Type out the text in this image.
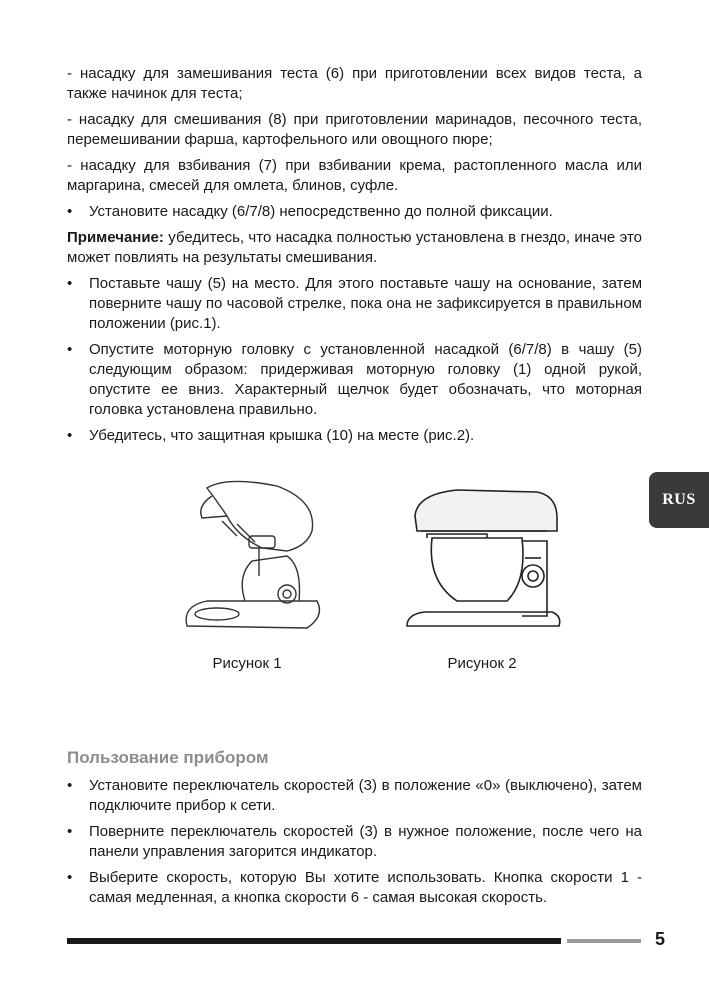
- насадку для замешивания теста (6) при приготовлении всех видов теста, а также начинок для теста;

- насадку для смешивания (8) при приготовлении маринадов, песочного теста, перемешивании фарша, картофельного или овощного пюре;

- насадку для взбивания (7) при взбивании крема, растопленного масла или маргарина, смесей для омлета, блинов, суфле.

• Установите насадку (6/7/8) непосредственно до полной фиксации.

Примечание: убедитесь, что насадка полностью установлена в гнездо, иначе это может повлиять на результаты смешивания.

• Поставьте чашу (5) на место. Для этого поставьте чашу на основание, затем поверните чашу по часовой стрелке, пока она не зафиксируется в правильном положении (рис.1).
• Опустите моторную головку с установленной насадкой (6/7/8) в чашу (5) следующим образом: придерживая моторную головку (1) одной рукой, опустите ее вниз. Характерный щелчок будет обозначать, что моторная головка установлена правильно.
• Убедитесь, что защитная крышка (10) на месте (рис.2).
Рисунок 1	Рисунок 2
Пользование прибором
• Установите переключатель скоростей (3) в положение «0» (выключено), затем подключите прибор к сети.
• Поверните переключатель скоростей (3) в нужное положение, после чего на панели управления загорится индикатор.
• Выберите скорость, которую Вы хотите использовать. Кнопка скорости 1 - самая медленная, а кнопка скорости 6 - самая высокая скорость.
RUS
5
